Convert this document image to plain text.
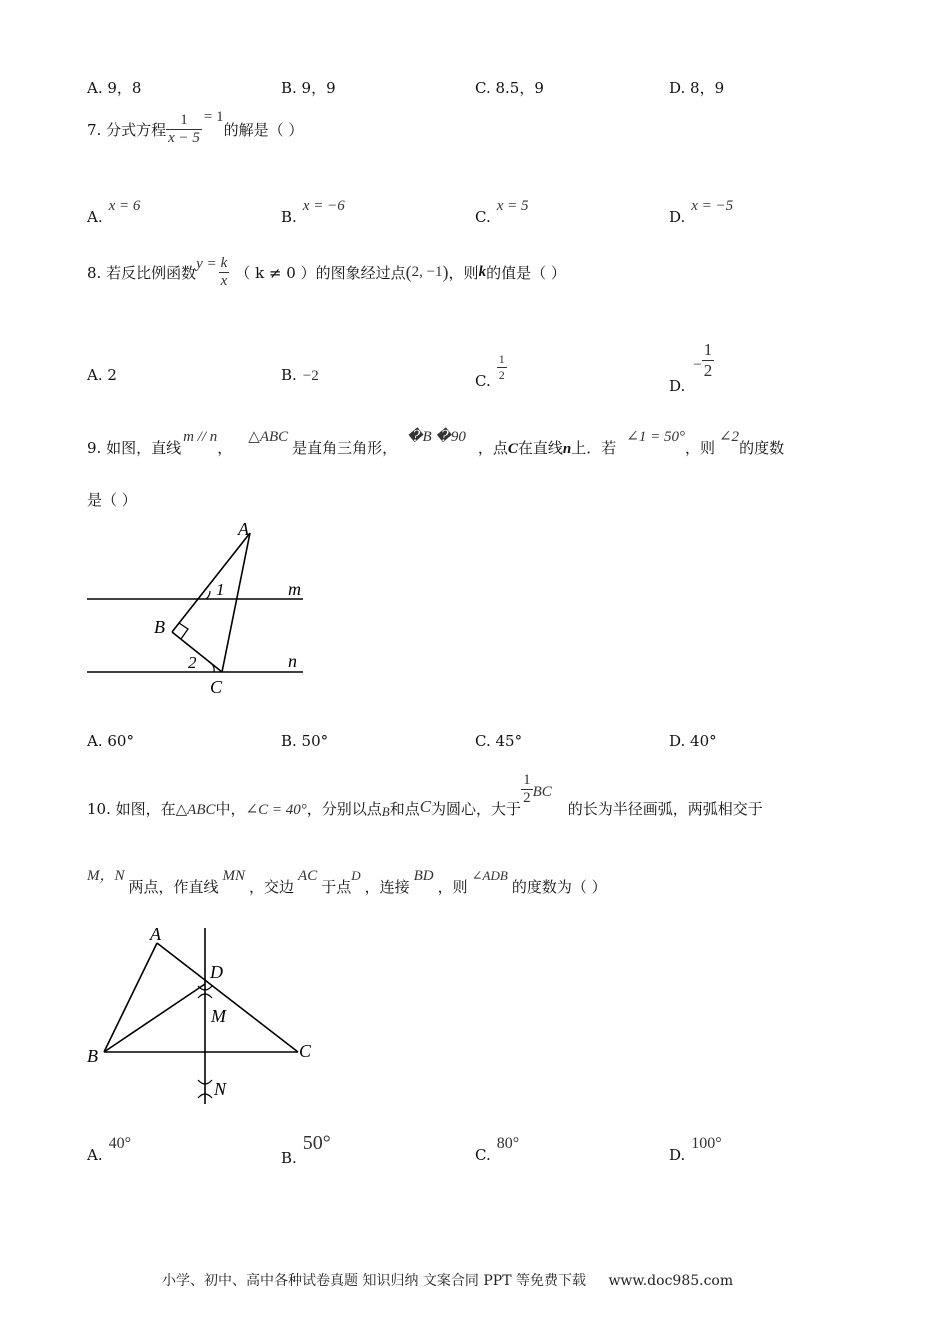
A. 9，8	B. 9，9	C. 8.5，9	D. 8，9
7. 分式方程 $\frac{1}{x - 5} = 1$的解是（ ）
A.x = 6
B.x = −6
C.x = 5
D.x = −5
8. 若反比例函数$y = \frac{k}{x}$ （ k ≠ 0 ）的图象经过点(2, −1)，则k的值是（ ）
A. 2	B. −2	C. $\frac{1}{2}$
$D.- \frac{1}{2}$
9. 如图，直线m // n，△ABC是直角三角形，�B �90，点C在直线n上．若∠1 = 50°，则∠2的度数
是（ ）
A
B
C
m
n
1
2
A. 60°	B. 50°	C. 45°	D. 40°
10. 如图，在△ABC中，∠C = 40°，分别以点B和点C为圆心，大于
$\frac{1}{2}$ BC的长为半径画弧，两弧相交于
M，N两点，作直线MN，交边AC于点D，连接BD，则∠ADB的度数为（ ）
A
B	C
D
M
N
A.40°
B.50°
C.80°
D.100°
小学、初中、高中各种试卷真题 知识归纳 文案合同 PPT 等免费下载 www.doc985.com
